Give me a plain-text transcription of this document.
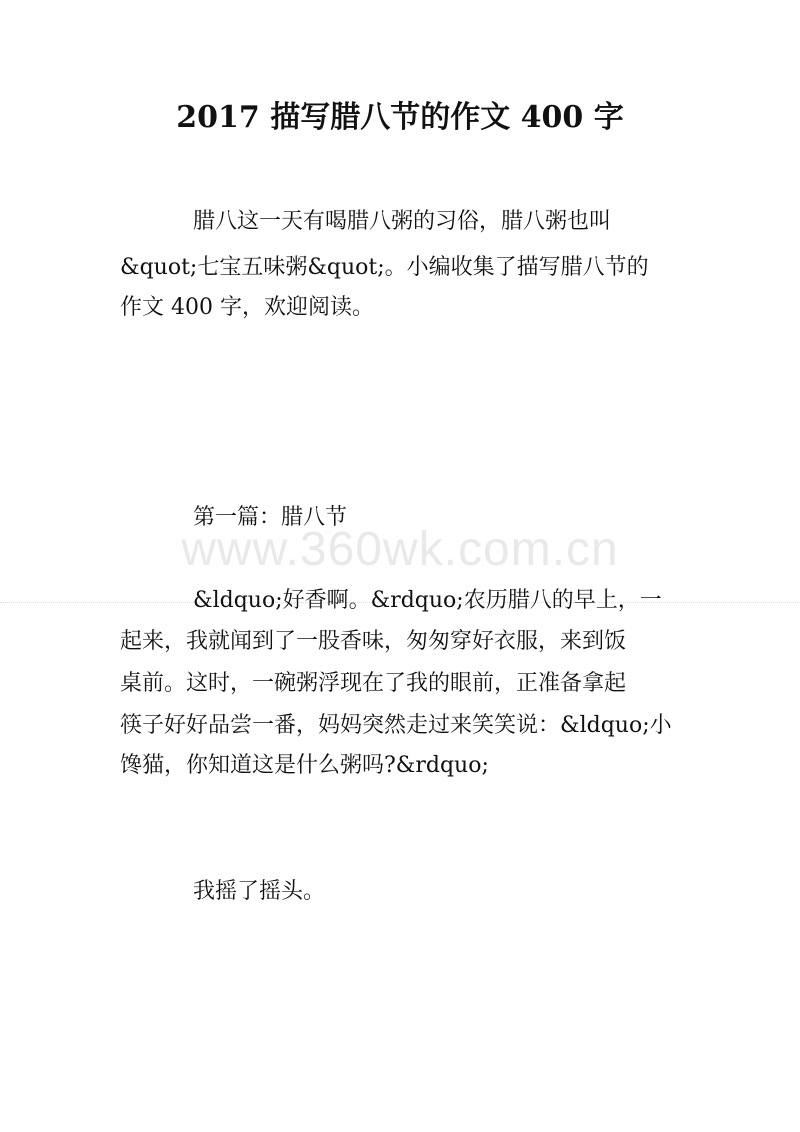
2017 描写腊八节的作文 400 字
腊八这一天有喝腊八粥的习俗，腊八粥也叫
&quot;七宝五味粥&quot;。小编收集了描写腊八节的
作文 400 字，欢迎阅读。
第一篇：腊八节
www.360wk.com.cn
&ldquo;好香啊。&rdquo;农历腊八的早上，一
起来，我就闻到了一股香味，匆匆穿好衣服，来到饭
桌前。这时，一碗粥浮现在了我的眼前，正准备拿起
筷子好好品尝一番，妈妈突然走过来笑笑说：&ldquo;小
馋猫，你知道这是什么粥吗?&rdquo;
我摇了摇头。
